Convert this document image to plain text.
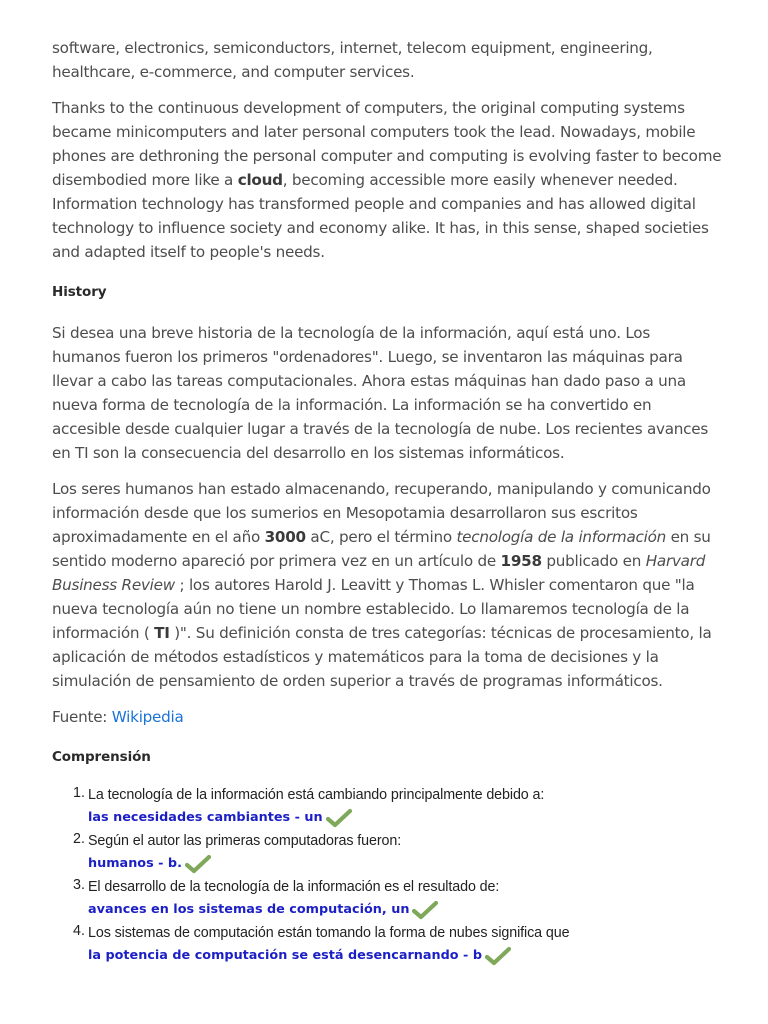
software, electronics, semiconductors, internet, telecom equipment, engineering, healthcare, e-commerce, and computer services.

Thanks to the continuous development of computers, the original computing systems became minicomputers and later personal computers took the lead. Nowadays, mobile phones are dethroning the personal computer and computing is evolving faster to become disembodied more like a cloud, becoming accessible more easily whenever needed. Information technology has transformed people and companies and has allowed digital technology to influence society and economy alike. It has, in this sense, shaped societies and adapted itself to people's needs.

History

Si desea una breve historia de la tecnología de la información, aquí está uno. Los humanos fueron los primeros "ordenadores". Luego, se inventaron las máquinas para llevar a cabo las tareas computacionales. Ahora estas máquinas han dado paso a una nueva forma de tecnología de la información. La información se ha convertido en accesible desde cualquier lugar a través de la tecnología de nube. Los recientes avances en TI son la consecuencia del desarrollo en los sistemas informáticos.

Los seres humanos han estado almacenando, recuperando, manipulando y comunicando información desde que los sumerios en Mesopotamia desarrollaron sus escritos aproximadamente en el año 3000 aC, pero el término tecnología de la información en su sentido moderno apareció por primera vez en un artículo de 1958 publicado en Harvard Business Review ; los autores Harold J. Leavitt y Thomas L. Whisler comentaron que "la nueva tecnología aún no tiene un nombre establecido. Lo llamaremos tecnología de la información ( TI )". Su definición consta de tres categorías: técnicas de procesamiento, la aplicación de métodos estadísticos y matemáticos para la toma de decisiones y la simulación de pensamiento de orden superior a través de programas informáticos.

Fuente: Wikipedia

Comprensión
1. La tecnología de la información está cambiando principalmente debido a:
las necesidades cambiantes - un
2. Según el autor las primeras computadoras fueron:
humanos - b.
3. El desarrollo de la tecnología de la información es el resultado de:
avances en los sistemas de computación, un
4. Los sistemas de computación están tomando la forma de nubes significa que
la potencia de computación se está desencarnando - b
